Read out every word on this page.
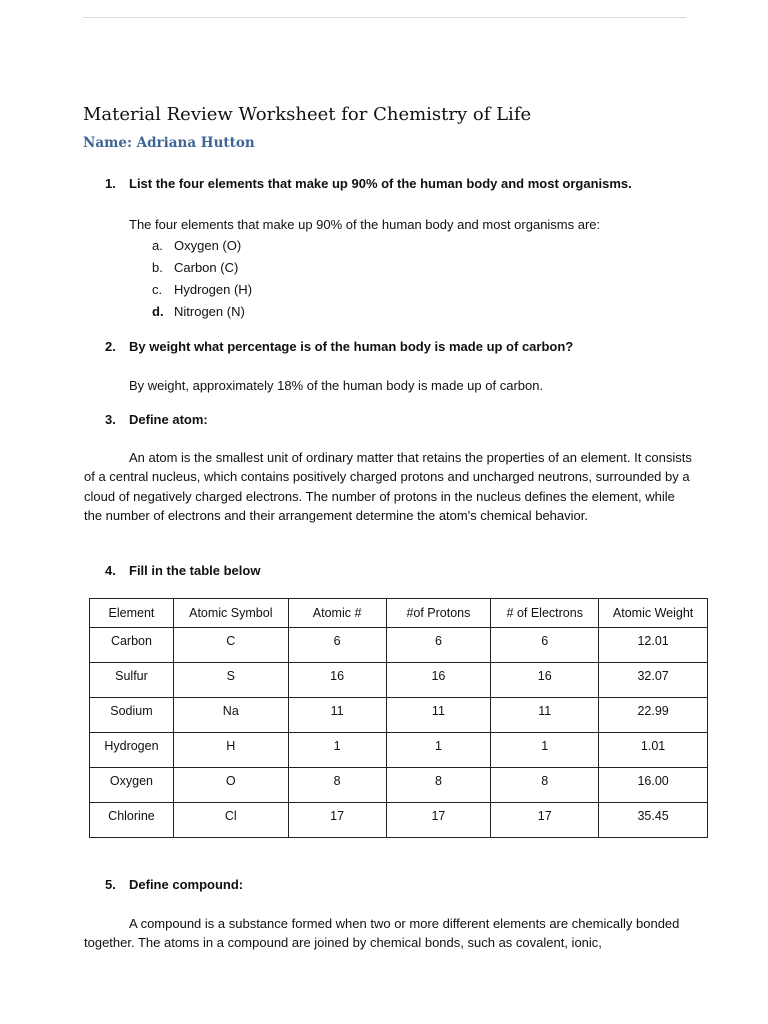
Material Review Worksheet for Chemistry of Life
Name: Adriana Hutton
1. List the four elements that make up 90% of the human body and most organisms.
The four elements that make up 90% of the human body and most organisms are:
a. Oxygen (O)
b. Carbon (C)
c. Hydrogen (H)
d. Nitrogen (N)
2. By weight what percentage is of the human body is made up of carbon?
By weight, approximately 18% of the human body is made up of carbon.
3. Define atom:
An atom is the smallest unit of ordinary matter that retains the properties of an element. It consists of a central nucleus, which contains positively charged protons and uncharged neutrons, surrounded by a cloud of negatively charged electrons. The number of protons in the nucleus defines the element, while the number of electrons and their arrangement determine the atom's chemical behavior.
4. Fill in the table below
Element	Atomic Symbol	Atomic #	#of Protons	# of Electrons	Atomic Weight
Carbon	C	6	6	6	12.01
Sulfur	S	16	16	16	32.07
Sodium	Na	11	11	11	22.99
Hydrogen	H	1	1	1	1.01
Oxygen	O	8	8	8	16.00
Chlorine	Cl	17	17	17	35.45
5. Define compound:
A compound is a substance formed when two or more different elements are chemically bonded together. The atoms in a compound are joined by chemical bonds, such as covalent, ionic,
